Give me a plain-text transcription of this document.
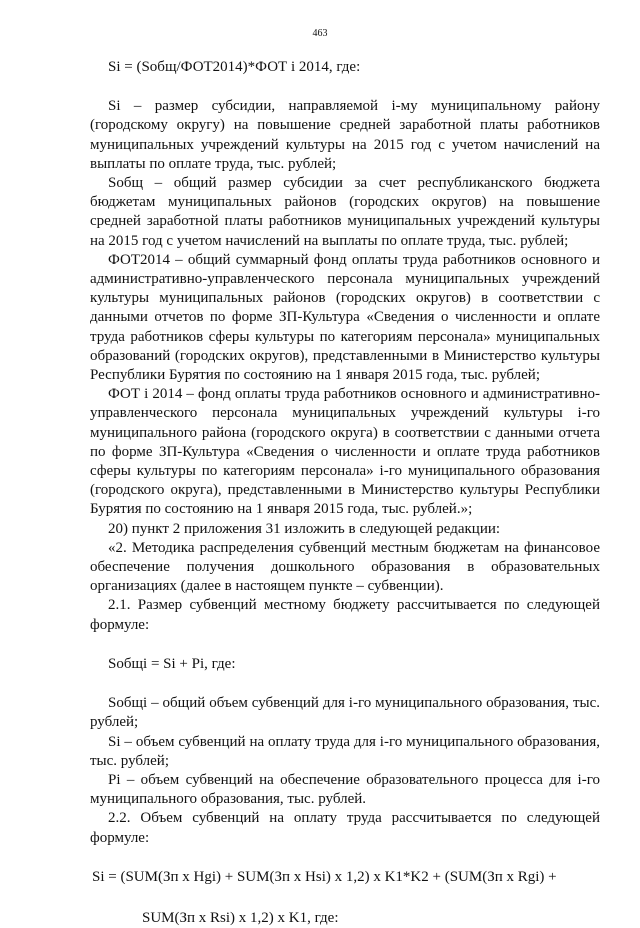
463
Si = (Sобщ/ФОТ2014)*ФОТ i 2014, где:

Si – размер субсидии, направляемой i-му муниципальному району (городскому округу) на повышение средней заработной платы работников муниципальных учреждений культуры на 2015 год с учетом начислений на выплаты по оплате труда, тыс. рублей;

Sобщ – общий размер субсидии за счет республиканского бюджета бюджетам муниципальных районов (городских округов) на повышение средней заработной платы работников муниципальных учреждений культуры на 2015 год с учетом начислений на выплаты по оплате труда, тыс. рублей;

ФОТ2014 – общий суммарный фонд оплаты труда работников основного и административно-управленческого персонала муниципальных учреждений культуры муниципальных районов (городских округов) в соответствии с данными отчетов по форме ЗП-Культура «Сведения о численности и оплате труда работников сферы культуры по категориям персонала» муниципальных образований (городских округов), представленными в Министерство культуры Республики Бурятия по состоянию на 1 января 2015 года, тыс. рублей;

ФОТ i 2014 – фонд оплаты труда работников основного и административно-управленческого персонала муниципальных учреждений культуры i-го муниципального района (городского округа) в соответствии с данными отчета по форме ЗП-Культура «Сведения о численности и оплате труда работников сферы культуры по категориям персонала» i-го муниципального образования (городского округа), представленными в Министерство культуры Республики Бурятия по состоянию на 1 января 2015 года, тыс. рублей.»;

20) пункт 2 приложения 31 изложить в следующей редакции:

«2. Методика распределения субвенций местным бюджетам на финансовое обеспечение получения дошкольного образования в образовательных организациях (далее в настоящем пункте – субвенции).

2.1. Размер субвенций местному бюджету рассчитывается по следующей формуле:

Sобщi = Si + Pi, где:

Sобщi – общий объем субвенций для i-го муниципального образования, тыс. рублей;

Si – объем субвенций на оплату труда для i-го муниципального образования, тыс. рублей;

Pi – объем субвенций на обеспечение образовательного процесса для i-го муниципального образования, тыс. рублей.

2.2. Объем субвенций на оплату труда рассчитывается по следующей формуле:

Si = (SUM(Зп x Hgi) + SUM(Зп x Hsi) x 1,2) x K1*K2 + (SUM(Зп x Rgi) +
SUM(Зп x Rsi) x 1,2) x K1, где:
